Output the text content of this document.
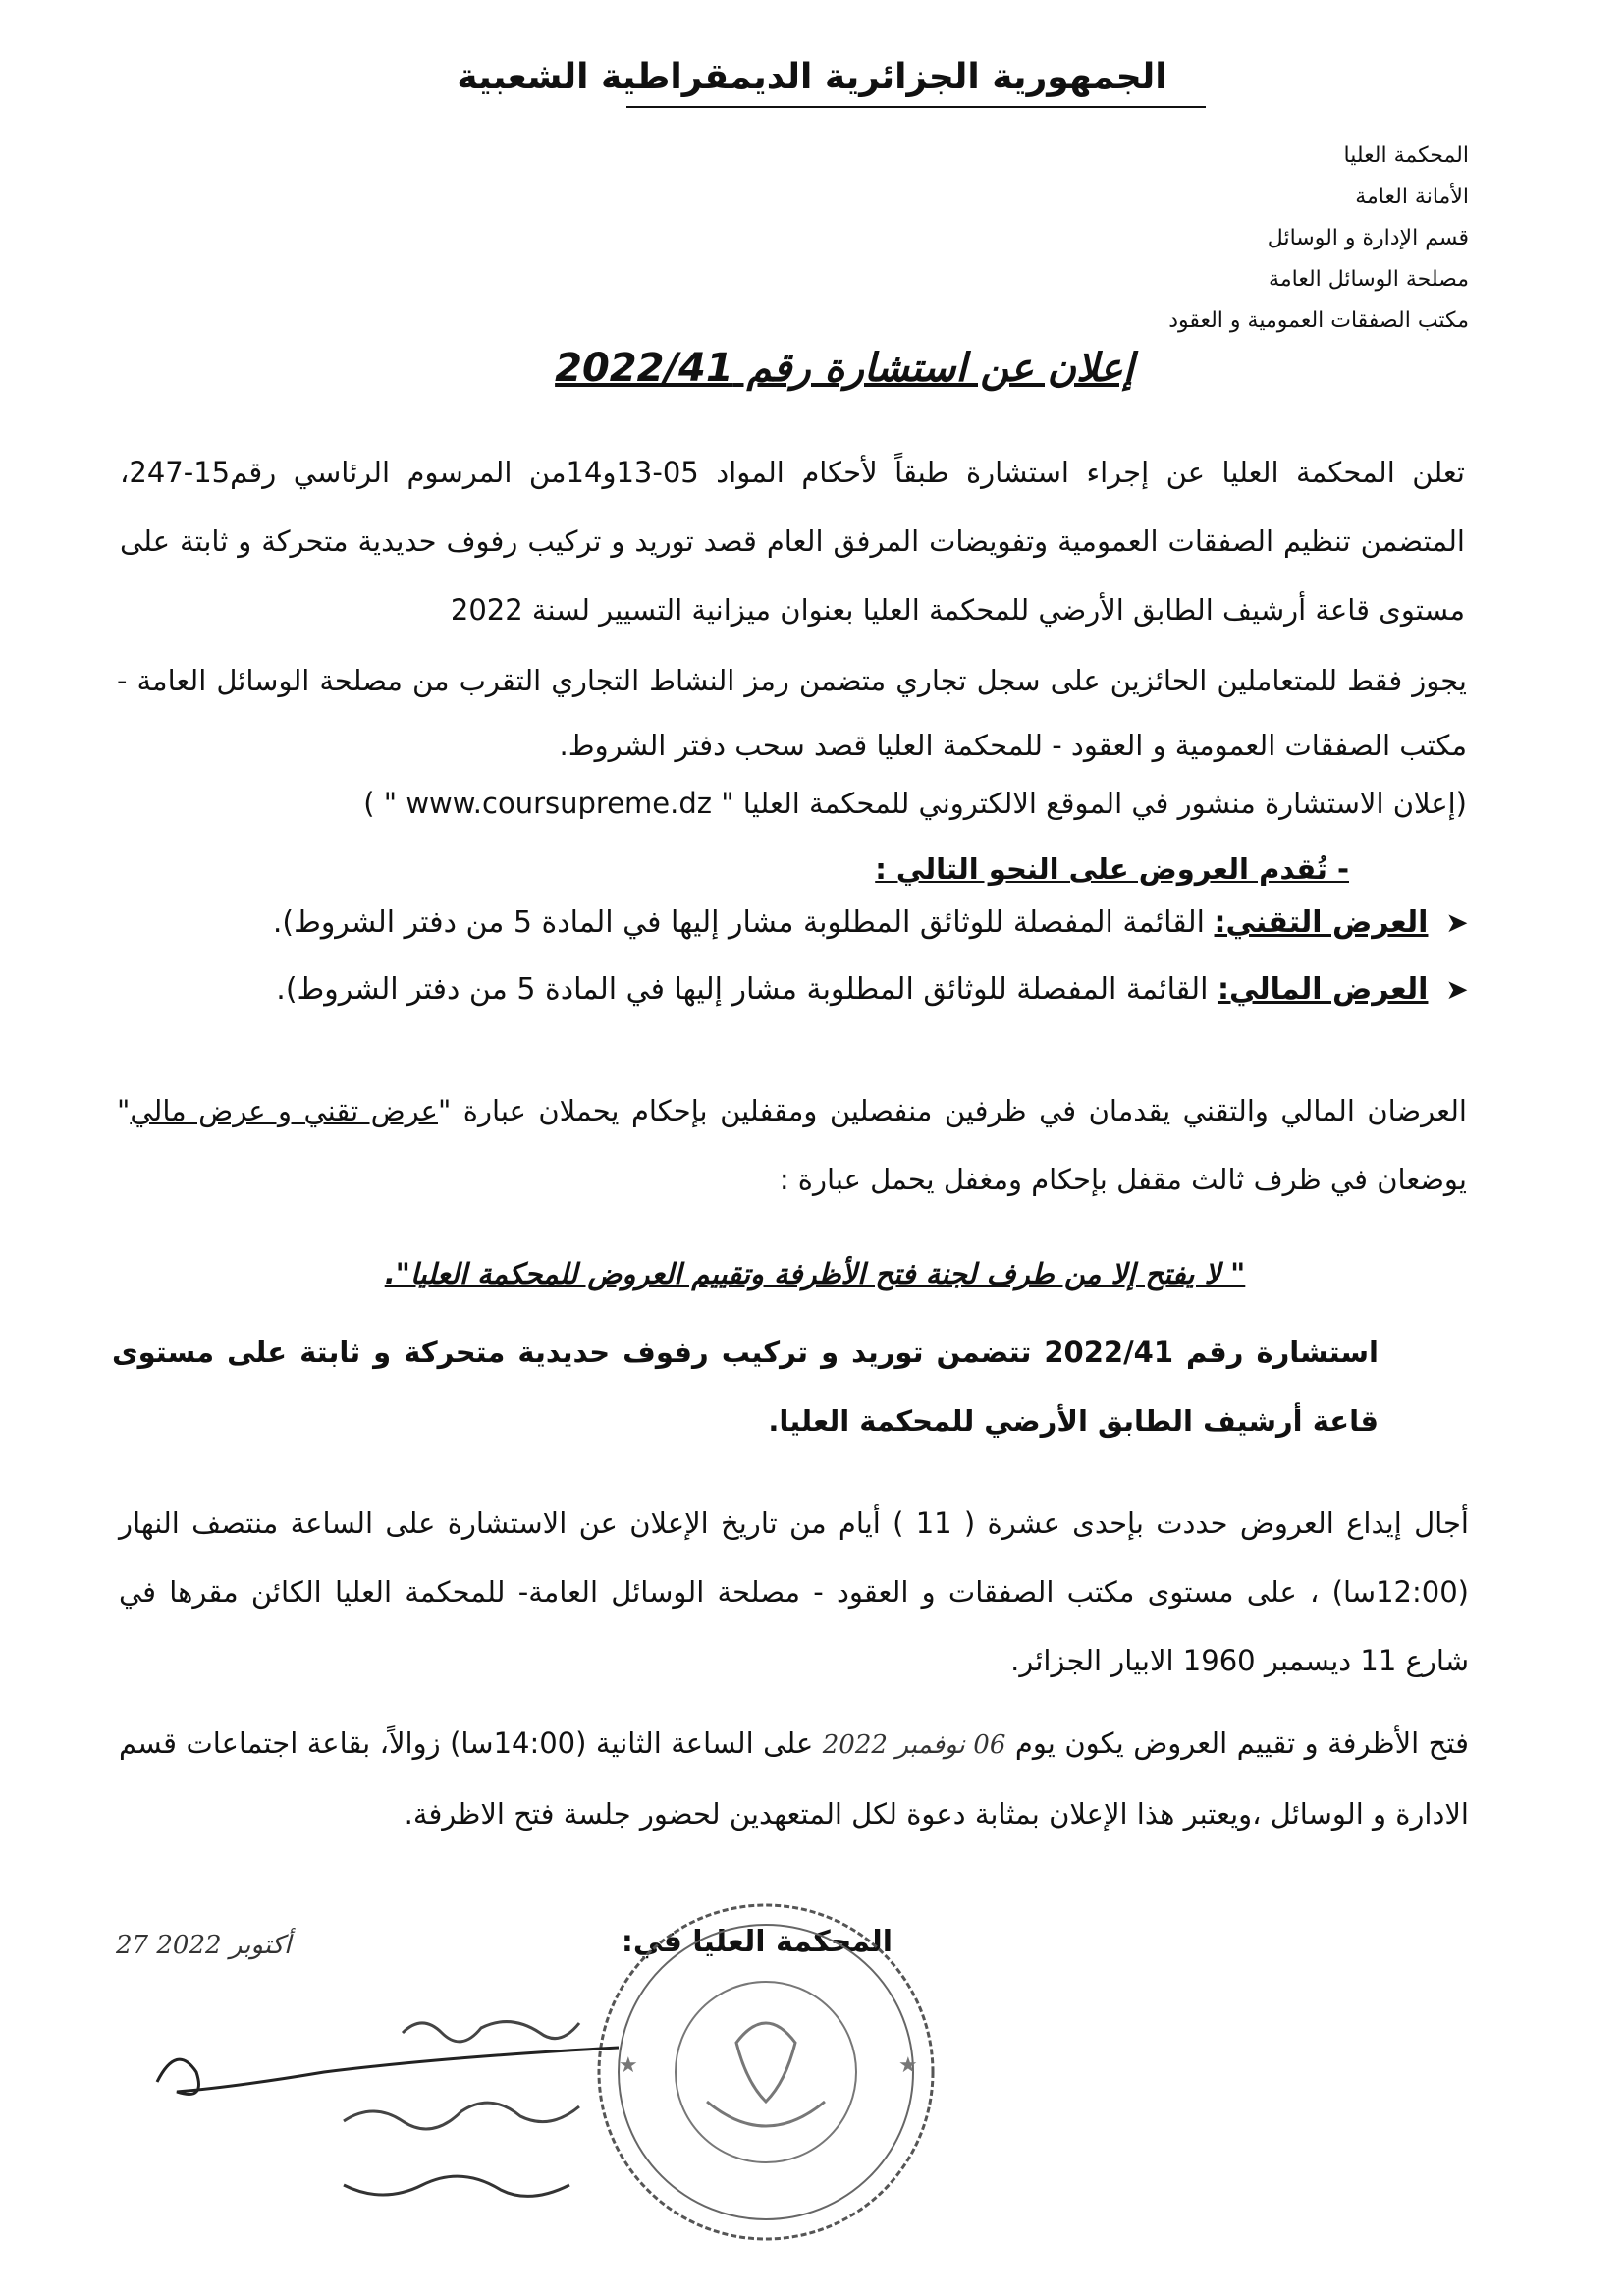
الجمهورية الجزائرية الديمقراطية الشعبية
المحكمة العليا
الأمانة العامة
قسم الإدارة و الوسائل
مصلحة الوسائل العامة
مكتب الصفقات العمومية و العقود
إعلان عن استشارة رقم 2022/41
تعلن المحكمة العليا عن إجراء استشارة طبقاً لأحكام المواد 05-13و14من المرسوم الرئاسي رقم15-247، المتضمن تنظيم الصفقات العمومية وتفويضات المرفق العام قصد توريد و تركيب رفوف حديدية متحركة و ثابتة على مستوى قاعة أرشيف الطابق الأرضي للمحكمة العليا بعنوان ميزانية التسيير لسنة 2022
يجوز فقط للمتعاملين الحائزين على سجل تجاري متضمن رمز النشاط التجاري التقرب من مصلحة الوسائل العامة - مكتب الصفقات العمومية و العقود - للمحكمة العليا قصد سحب دفتر الشروط.
(إعلان الاستشارة منشور في الموقع الالكتروني للمحكمة العليا " www.coursupreme.dz " )
- تُقدم العروض على النحو التالي :
➤ العرض التقني: القائمة المفصلة للوثائق المطلوبة مشار إليها في المادة 5 من دفتر الشروط).
➤ العرض المالي: القائمة المفصلة للوثائق المطلوبة مشار إليها في المادة 5 من دفتر الشروط).
العرضان المالي والتقني يقدمان في ظرفين منفصلين ومقفلين بإحكام يحملان عبارة "عرض تقني و عرض مالي" يوضعان في ظرف ثالث مقفل بإحكام ومغفل يحمل عبارة :
" لا يفتح إلا من طرف لجنة فتح الأظرفة وتقييم العروض للمحكمة العليا".
استشارة رقم 2022/41 تتضمن توريد و تركيب رفوف حديدية متحركة و ثابتة على مستوى قاعة أرشيف الطابق الأرضي للمحكمة العليا.
أجال إيداع العروض حددت بإحدى عشرة ( 11 ) أيام من تاريخ الإعلان عن الاستشارة على الساعة منتصف النهار (12:00سا) ، على مستوى مكتب الصفقات و العقود - مصلحة الوسائل العامة- للمحكمة العليا الكائن مقرها في شارع 11 ديسمبر 1960 الابيار الجزائر.
فتح الأظرفة و تقييم العروض يكون يوم 06 نوفمبر 2022 على الساعة الثانية (14:00سا) زوالاً، بقاعة اجتماعات قسم الادارة و الوسائل ،ويعتبر هذا الإعلان بمثابة دعوة لكل المتعهدين لحضور جلسة فتح الاظرفة.
المحكمة العليا في:
27 أكتوبر 2022
★	★
